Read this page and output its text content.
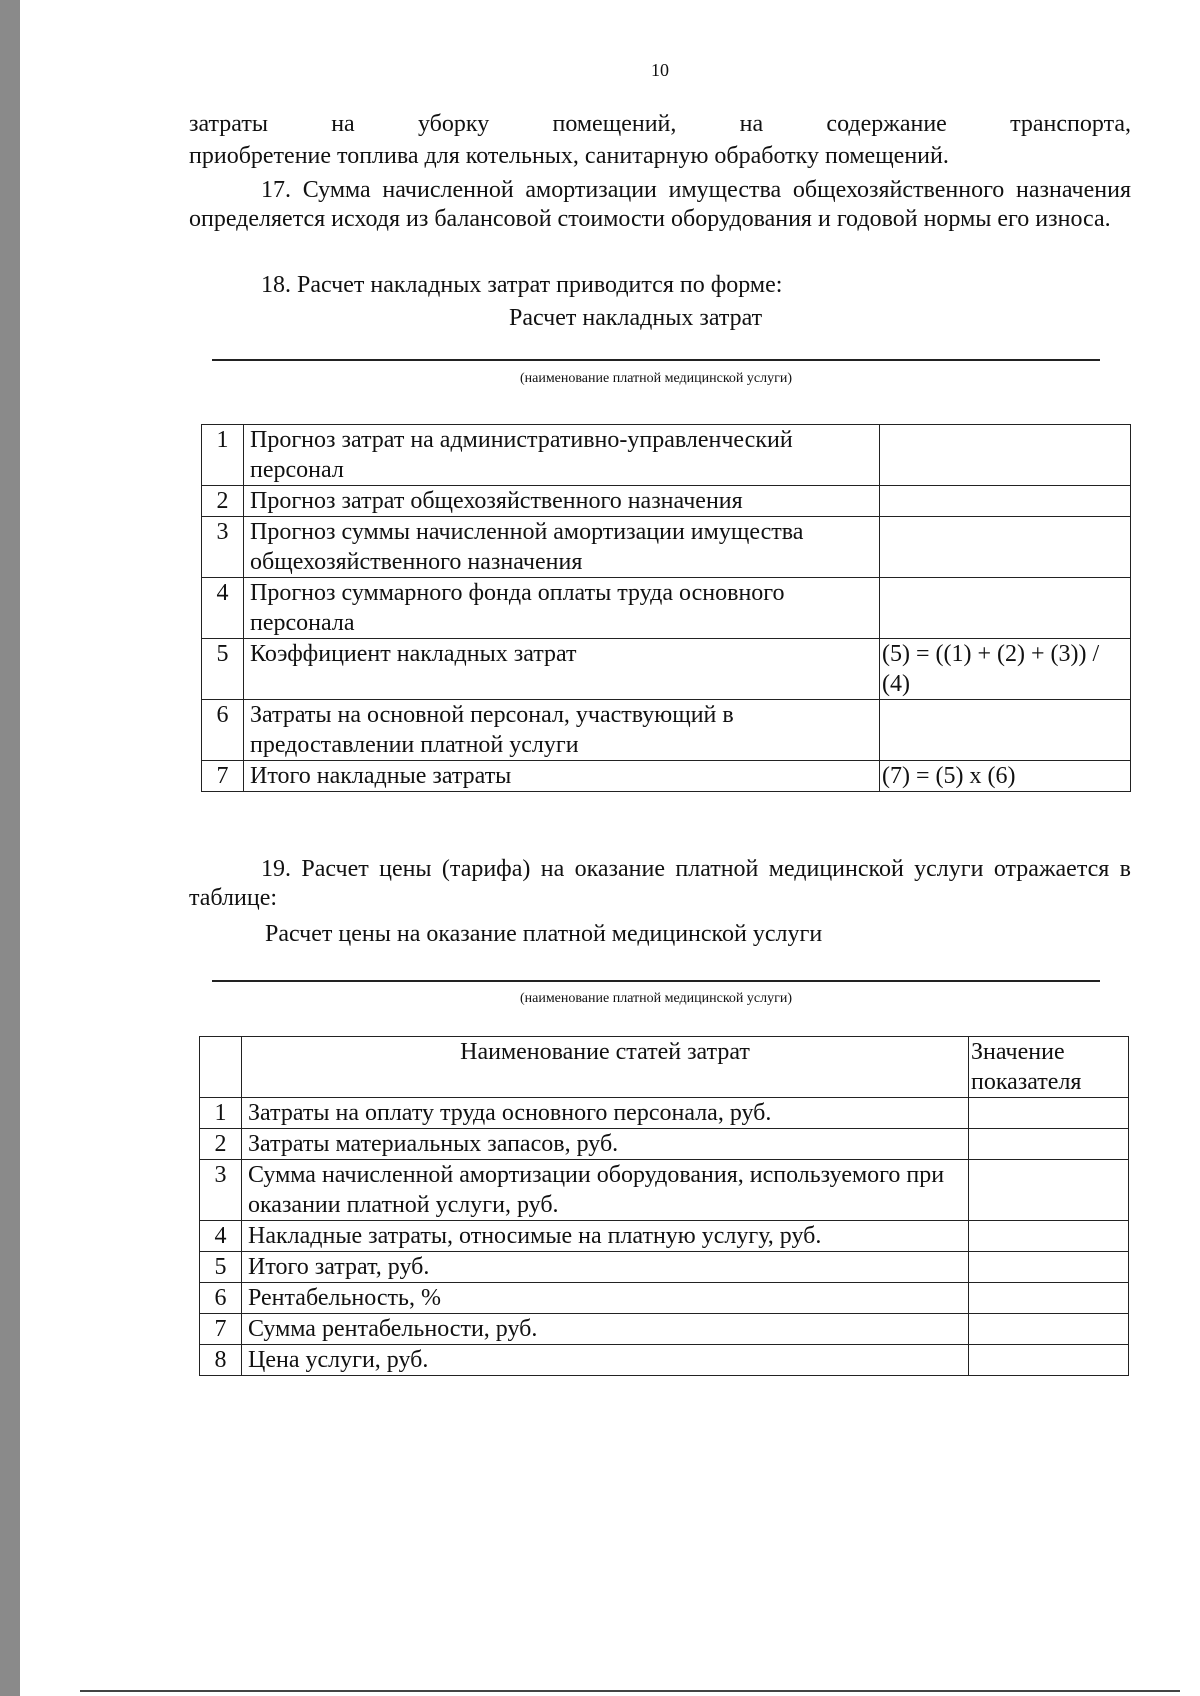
10

затраты на уборку помещений, на содержание транспорта,

приобретение топлива для котельных, санитарную обработку помещений.

17. Сумма начисленной амортизации имущества общехозяйственного назначения определяется исходя из балансовой стоимости оборудования и годовой нормы его износа.

18. Расчет накладных затрат приводится по форме:

Расчет накладных затрат
(наименование платной медицинской услуги)
1	Прогноз затрат на административно-управленческий персонал	
2	Прогноз затрат общехозяйственного назначения	
3	Прогноз суммы начисленной амортизации имущества общехозяйственного назначения	
4	Прогноз суммарного фонда оплаты труда основного персонала	
5	Коэффициент накладных затрат	(5) = ((1) + (2) + (3)) / (4)
6	Затраты на основной персонал, участвующий в предоставлении платной услуги	
7	Итого накладные затраты	(7) = (5) x (6)

19. Расчет цены (тарифа) на оказание платной медицинской услуги отражается в таблице:

Расчет цены на оказание платной медицинской услуги
(наименование платной медицинской услуги)
	Наименование статей затрат	Значение показателя
1	Затраты на оплату труда основного персонала, руб.	
2	Затраты материальных запасов, руб.	
3	Сумма начисленной амортизации оборудования, используемого при оказании платной услуги, руб.	
4	Накладные затраты, относимые на платную услугу, руб.	
5	Итого затрат, руб.	
6	Рентабельность, %	
7	Сумма рентабельности, руб.	
8	Цена услуги, руб.	
